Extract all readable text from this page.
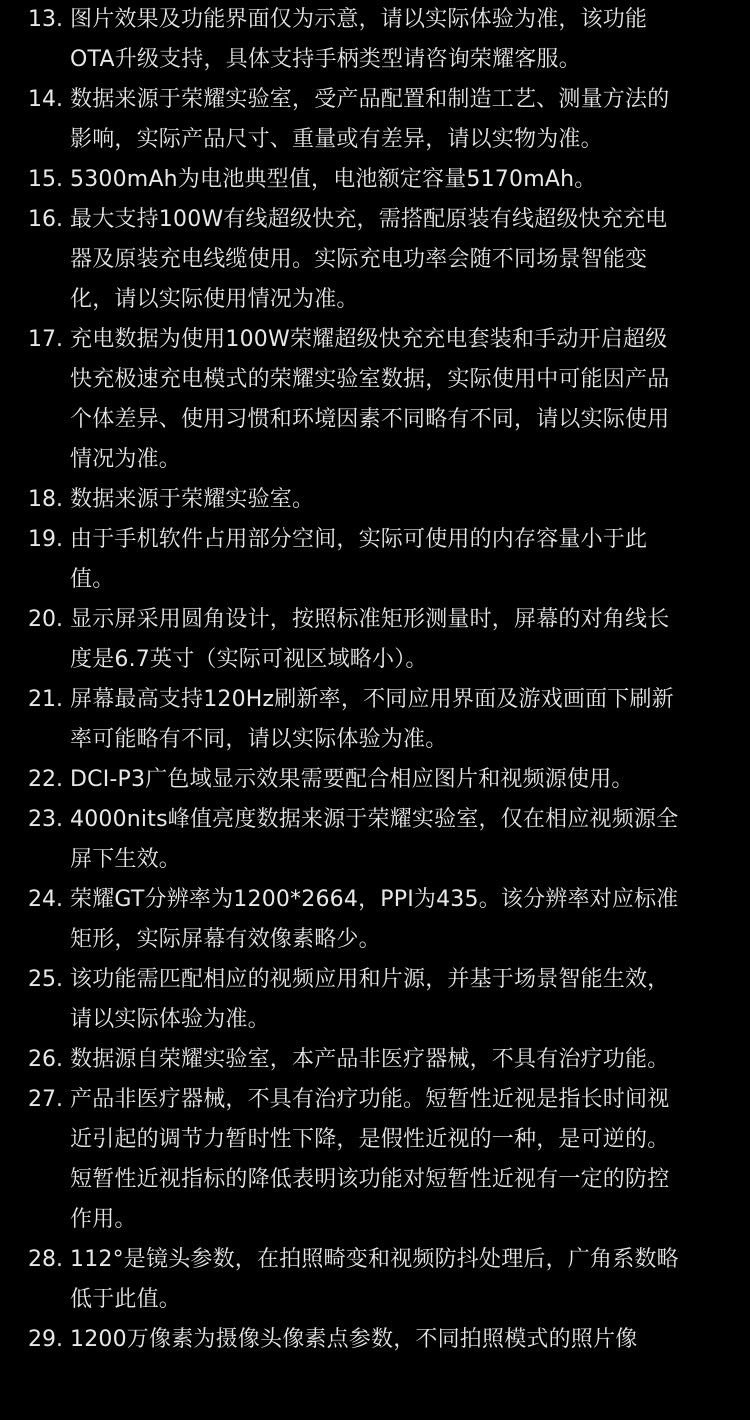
13. 图片效果及功能界面仅为示意，请以实际体验为准，该功能OTA升级支持，具体支持手柄类型请咨询荣耀客服。
14. 数据来源于荣耀实验室，受产品配置和制造工艺、测量方法的影响，实际产品尺寸、重量或有差异，请以实物为准。
15. 5300mAh为电池典型值，电池额定容量5170mAh。
16. 最大支持100W有线超级快充，需搭配原装有线超级快充充电器及原装充电线缆使用。实际充电功率会随不同场景智能变化，请以实际使用情况为准。
17. 充电数据为使用100W荣耀超级快充充电套装和手动开启超级快充极速充电模式的荣耀实验室数据，实际使用中可能因产品个体差异、使用习惯和环境因素不同略有不同，请以实际使用情况为准。
18. 数据来源于荣耀实验室。
19. 由于手机软件占用部分空间，实际可使用的内存容量小于此值。
20. 显示屏采用圆角设计，按照标准矩形测量时，屏幕的对角线长度是6.7英寸（实际可视区域略小）。
21. 屏幕最高支持120Hz刷新率，不同应用界面及游戏画面下刷新率可能略有不同，请以实际体验为准。
22. DCI-P3广色域显示效果需要配合相应图片和视频源使用。
23. 4000nits峰值亮度数据来源于荣耀实验室，仅在相应视频源全屏下生效。
24. 荣耀GT分辨率为1200*2664，PPI为435。该分辨率对应标准矩形，实际屏幕有效像素略少。
25. 该功能需匹配相应的视频应用和片源，并基于场景智能生效，请以实际体验为准。
26. 数据源自荣耀实验室，本产品非医疗器械，不具有治疗功能。
27. 产品非医疗器械，不具有治疗功能。短暂性近视是指长时间视近引起的调节力暂时性下降，是假性近视的一种，是可逆的。 短暂性近视指标的降低表明该功能对短暂性近视有一定的防控作用。
28. 112°是镜头参数，在拍照畸变和视频防抖处理后，广角系数略低于此值。
29. 1200万像素为摄像头像素点参数，不同拍照模式的照片像
